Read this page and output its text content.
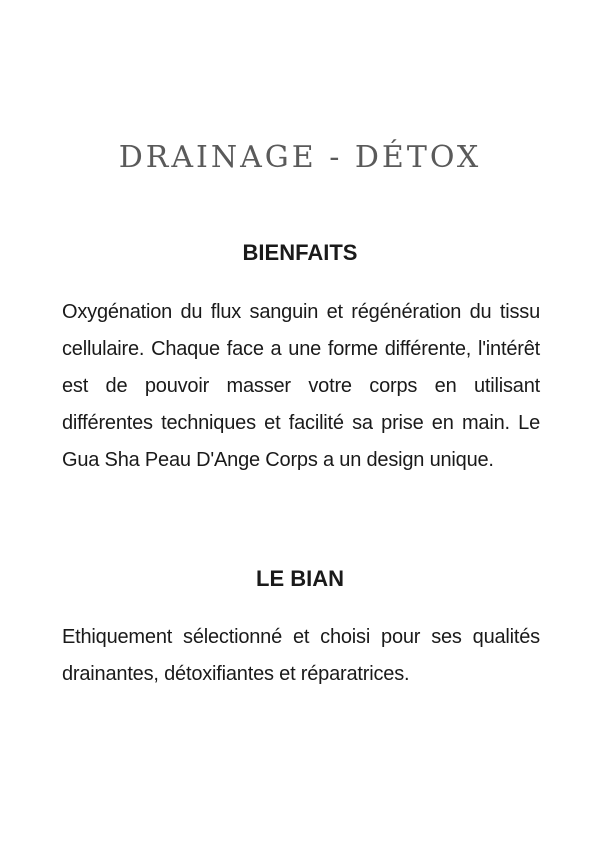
DRAINAGE - DÉTOX
BIENFAITS

Oxygénation du flux sanguin et régénération du tissu cellulaire. Chaque face a une forme différente, l'intérêt est de pouvoir masser votre corps en utilisant différentes techniques et facilité sa prise en main. Le Gua Sha Peau D'Ange Corps a un design unique.

LE BIAN

Ethiquement sélectionné et choisi pour ses qualités drainantes, détoxifiantes et réparatrices.
